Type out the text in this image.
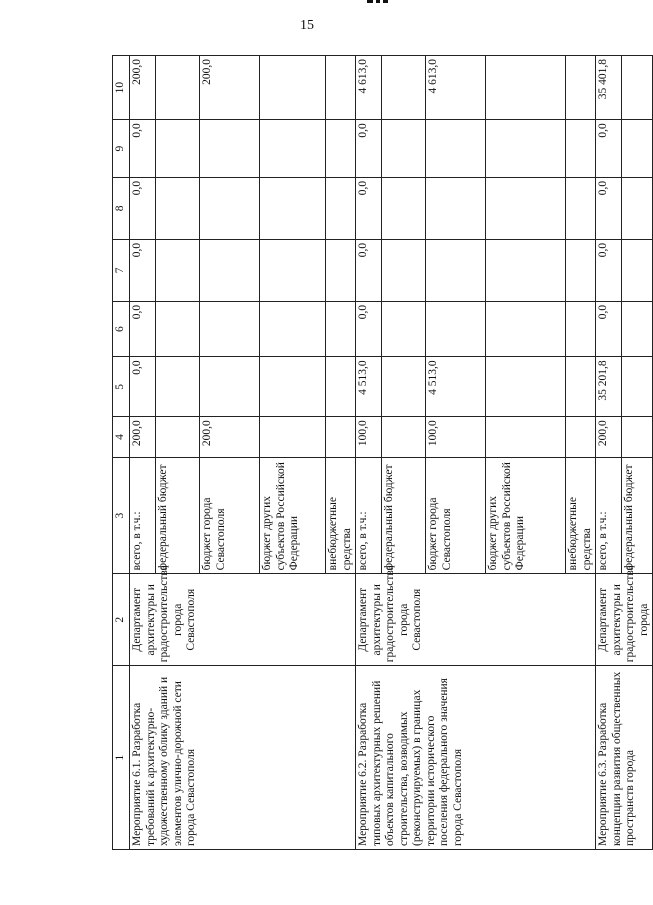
15
1	2	3	4	5	6	7	8	9	10
Мероприятие 6.1. Разработка требований к архитектурно-художественному облику зданий и элементов улично-дорожной сети города Севастополя	Департамент архитектуры и градостроительства города Севастополя	всего, в т.ч.:	200,0	0,0	0,0	0,0	0,0	0,0	200,0
		федеральный бюджет							
		бюджет города Севастополя	200,0						200,0
		бюджет других субъектов Российской Федерации							
		внебюджетные средства							
Мероприятие 6.2. Разработка типовых архитектурных решений объектов капитального строительства, возводимых (реконструируемых) в границах территории исторического поселения федерального значения города Севастополя	Департамент архитектуры и градостроительства города Севастополя	всего, в т.ч.:	100,0	4 513,0	0,0	0,0	0,0	0,0	4 613,0
		федеральный бюджет							
		бюджет города Севастополя	100,0	4 513,0					4 613,0
		бюджет других субъектов Российской Федерации							
		внебюджетные средства							
Мероприятие 6.3. Разработка концепции развития общественных пространств города	Департамент архитектуры и градостроительства города	всего, в т.ч.:	200,0	35 201,8	0,0	0,0	0,0	0,0	35 401,8
		федеральный бюджет							
